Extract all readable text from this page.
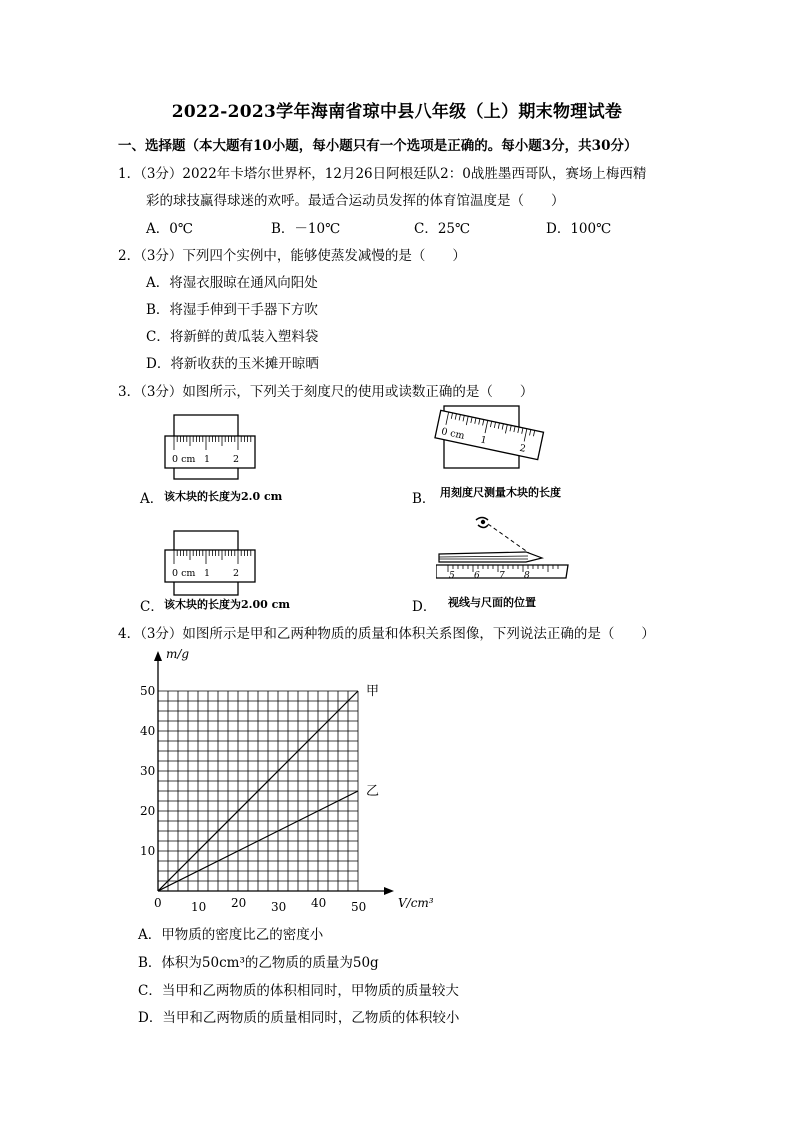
2022-2023学年海南省琼中县八年级（上）期末物理试卷
一、选择题（本大题有10小题，每小题只有一个选项是正确的。每小题3分，共30分）
1．（3分）2022年卡塔尔世界杯，12月26日阿根廷队2：0战胜墨西哥队，赛场上梅西精
彩的球技赢得球迷的欢呼。最适合运动员发挥的体育馆温度是（　　）
A．0℃	B．－10℃	C．25℃	D．100℃
2．（3分）下列四个实例中，能够使蒸发减慢的是（　　）
A．将湿衣服晾在通风向阳处
B．将湿手伸到干手器下方吹
C．将新鲜的黄瓜装入塑料袋
D．将新收获的玉米摊开晾晒
3．（3分）如图所示，下列关于刻度尺的使用或读数正确的是（　　）
0 cm 1 2
A． 该木块的长度为2.0 cm
0 cm 1
2
B． 用刻度尺测量木块的长度
0 cm 1 2
C． 该木块的长度为2.00 cm
5 6 7 8
D． 视线与尺面的位置
4．（3分）如图所示是甲和乙两种物质的质量和体积关系图像，下列说法正确的是（　　）
甲
乙
0 10 20 30 40 50
10
20
30
40
50
m/g
V/cm³
A．甲物质的密度比乙的密度小
B．体积为50cm³的乙物质的质量为50g
C．当甲和乙两物质的体积相同时，甲物质的质量较大
D．当甲和乙两物质的质量相同时，乙物质的体积较小
